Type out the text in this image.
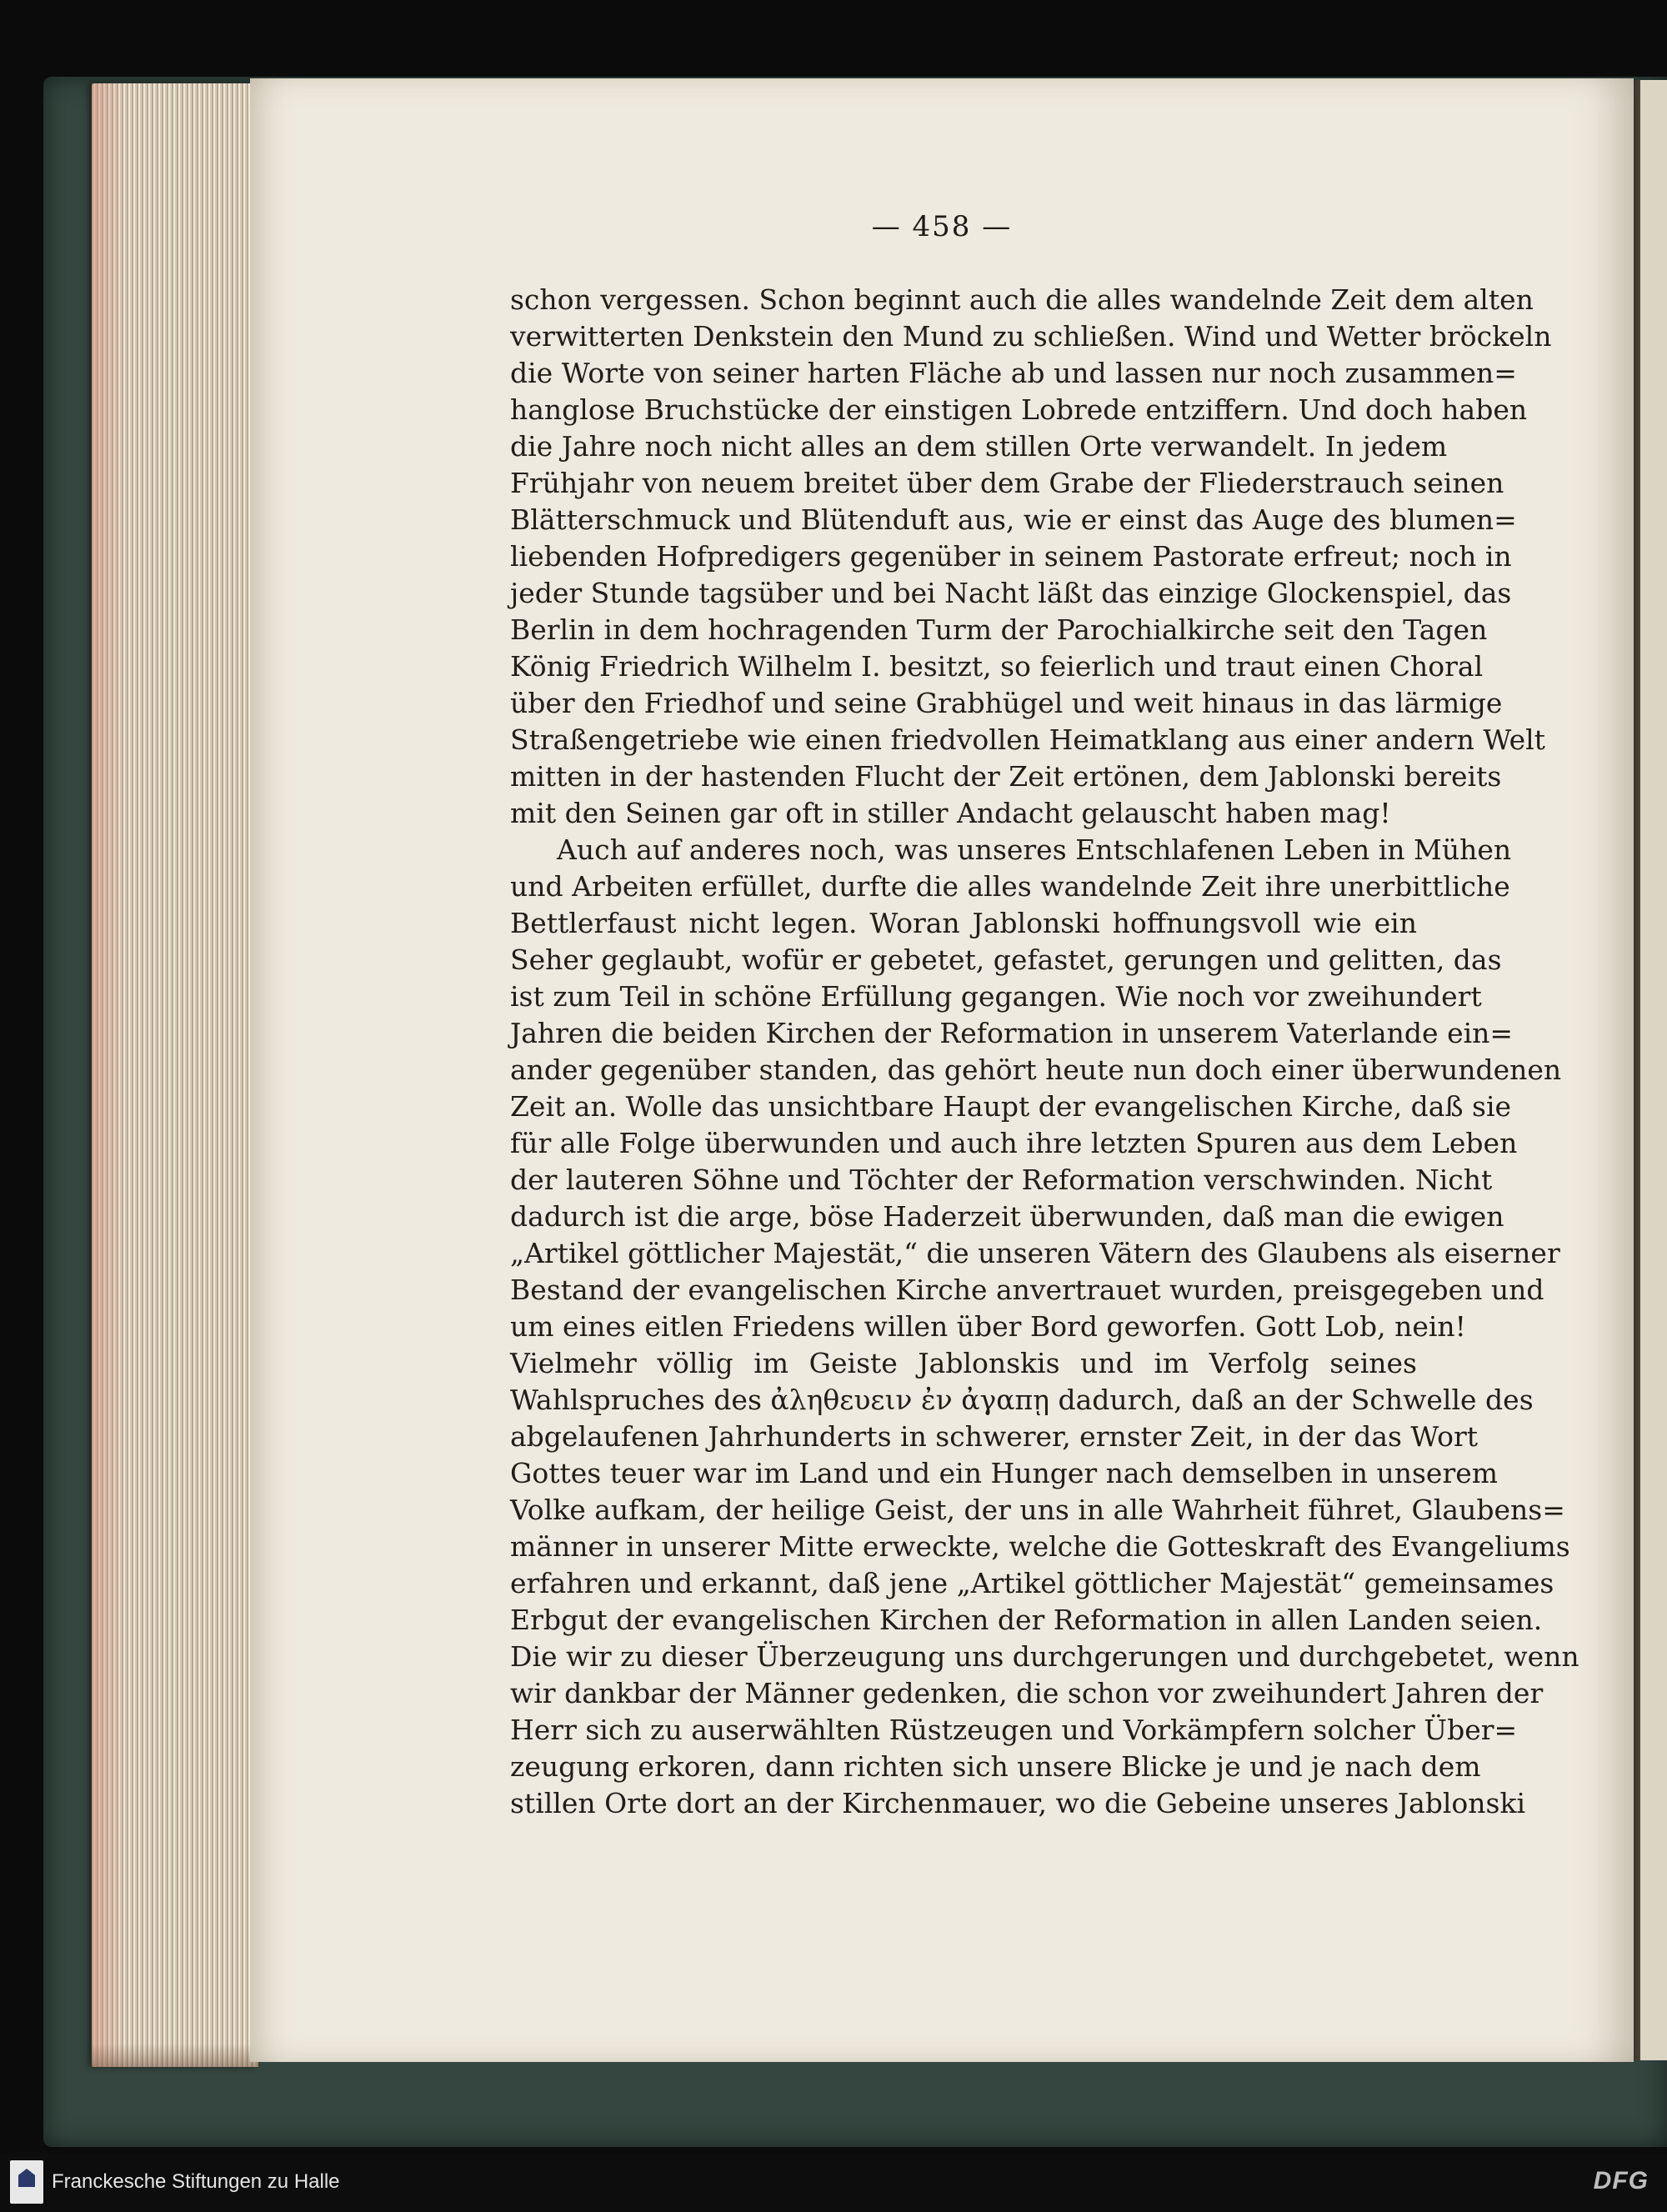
— 458 —
schon vergessen. Schon beginnt auch die alles wandelnde Zeit dem alten
verwitterten Denkstein den Mund zu schließen. Wind und Wetter bröckeln
die Worte von seiner harten Fläche ab und lassen nur noch zusammen=
hanglose Bruchstücke der einstigen Lobrede entziffern. Und doch haben
die Jahre noch nicht alles an dem stillen Orte verwandelt. In jedem
Frühjahr von neuem breitet über dem Grabe der Fliederstrauch seinen
Blätterschmuck und Blütenduft aus, wie er einst das Auge des blumen=
liebenden Hofpredigers gegenüber in seinem Pastorate erfreut; noch in
jeder Stunde tagsüber und bei Nacht läßt das einzige Glockenspiel, das
Berlin in dem hochragenden Turm der Parochialkirche seit den Tagen
König Friedrich Wilhelm I. besitzt, so feierlich und traut einen Choral
über den Friedhof und seine Grabhügel und weit hinaus in das lärmige
Straßengetriebe wie einen friedvollen Heimatklang aus einer andern Welt
mitten in der hastenden Flucht der Zeit ertönen, dem Jablonski bereits
mit den Seinen gar oft in stiller Andacht gelauscht haben mag!
Auch auf anderes noch, was unseres Entschlafenen Leben in Mühen
und Arbeiten erfüllet, durfte die alles wandelnde Zeit ihre unerbittliche
Bettlerfaust nicht legen. Woran Jablonski hoffnungsvoll wie ein
Seher geglaubt, wofür er gebetet, gefastet, gerungen und gelitten, das
ist zum Teil in schöne Erfüllung gegangen. Wie noch vor zweihundert
Jahren die beiden Kirchen der Reformation in unserem Vaterlande ein=
ander gegenüber standen, das gehört heute nun doch einer überwundenen
Zeit an. Wolle das unsichtbare Haupt der evangelischen Kirche, daß sie
für alle Folge überwunden und auch ihre letzten Spuren aus dem Leben
der lauteren Söhne und Töchter der Reformation verschwinden. Nicht
dadurch ist die arge, böse Haderzeit überwunden, daß man die ewigen
„Artikel göttlicher Majestät,“ die unseren Vätern des Glaubens als eiserner
Bestand der evangelischen Kirche anvertrauet wurden, preisgegeben und
um eines eitlen Friedens willen über Bord geworfen. Gott Lob, nein!
Vielmehr völlig im Geiste Jablonskis und im Verfolg seines
Wahlspruches des ἀληθευειν ἐν ἀγαπῃ dadurch, daß an der Schwelle des
abgelaufenen Jahrhunderts in schwerer, ernster Zeit, in der das Wort
Gottes teuer war im Land und ein Hunger nach demselben in unserem
Volke aufkam, der heilige Geist, der uns in alle Wahrheit führet, Glaubens=
männer in unserer Mitte erweckte, welche die Gotteskraft des Evangeliums
erfahren und erkannt, daß jene „Artikel göttlicher Majestät“ gemeinsames
Erbgut der evangelischen Kirchen der Reformation in allen Landen seien.
Die wir zu dieser Überzeugung uns durchgerungen und durchgebetet, wenn
wir dankbar der Männer gedenken, die schon vor zweihundert Jahren der
Herr sich zu auserwählten Rüstzeugen und Vorkämpfern solcher Über=
zeugung erkoren, dann richten sich unsere Blicke je und je nach dem
stillen Orte dort an der Kirchenmauer, wo die Gebeine unseres Jablonski
Franckesche Stiftungen zu Halle	DFG
